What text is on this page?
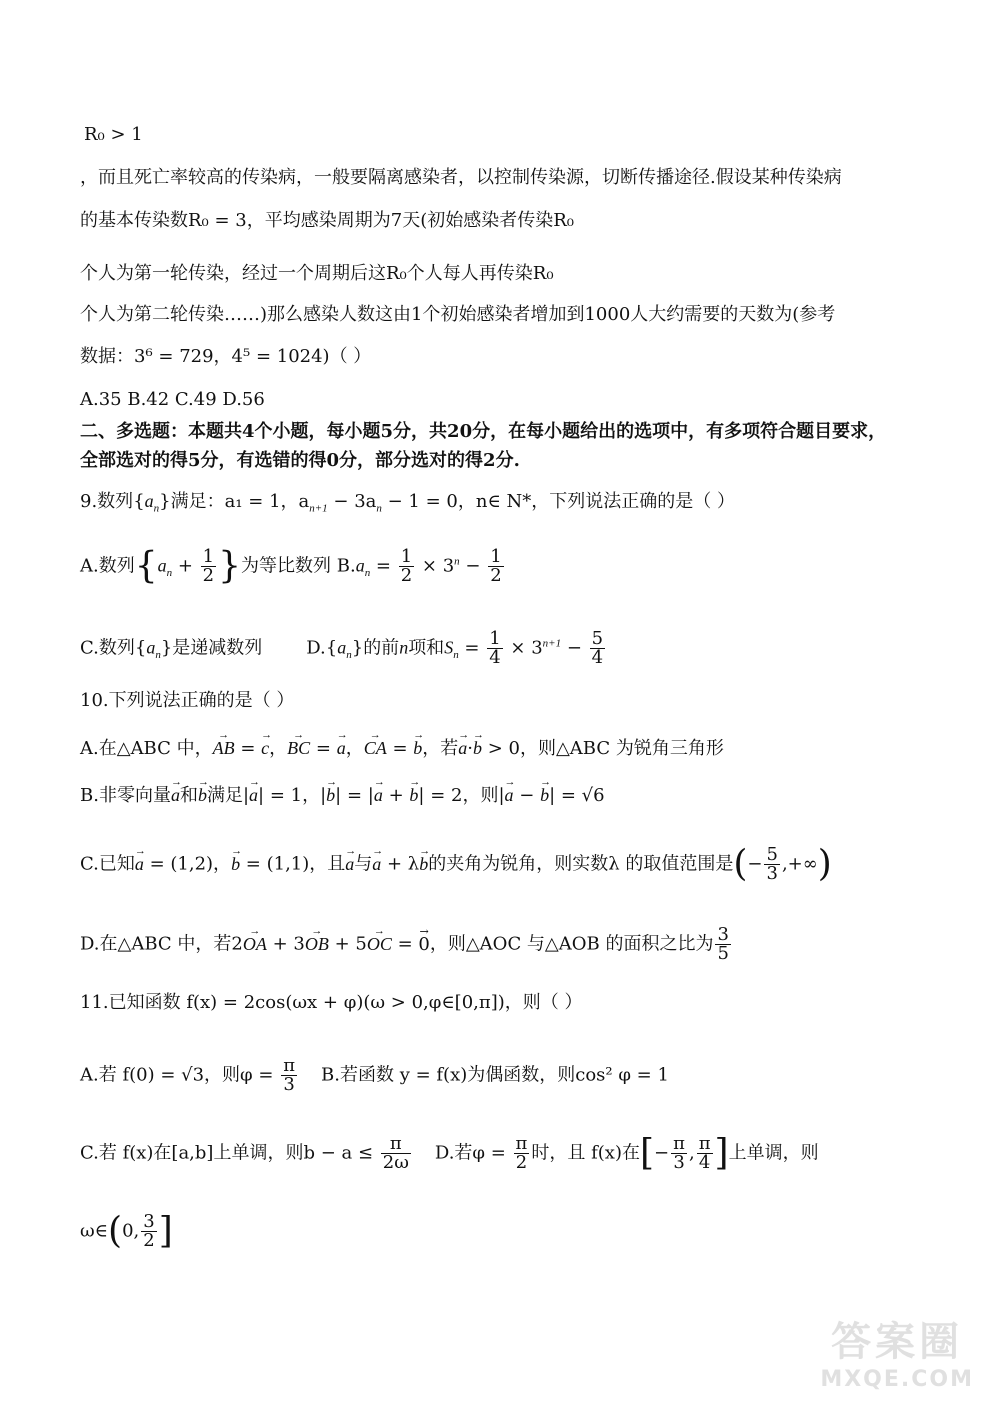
R₀ > 1
，而且死亡率较高的传染病，一般要隔离感染者，以控制传染源，切断传播途径.假设某种传染病
的基本传染数R₀ = 3，平均感染周期为7天(初始感染者传染R₀
个人为第一轮传染，经过一个周期后这R₀个人每人再传染R₀
个人为第二轮传染……)那么感染人数这由1个初始感染者增加到1000人大约需要的天数为(参考
数据：3⁶ = 729，4⁵ = 1024)（ ）
A.35 B.42 C.49 D.56
二、多选题：本题共4个小题，每小题5分，共20分，在每小题给出的选项中，有多项符合题目要求，
全部选对的得5分，有选错的得0分，部分选对的得2分.
9.数列$\{a_n\}$满足：a₁ = 1，$a_{n+1} - 3a_n - 1 = 0$，n∈ N*，下列说法正确的是（ ）
A.数列{$a_n + \frac{1}{2}$ }为等比数列 $B.a_n = \frac{1}{2} \times 3^n - \frac{1}{2}$
C.数列$\{a_n\}$是递减数列 $D.\{a_n\}$的前n项和$S_n = \frac{1}{4} \times 3^{n+1} - \frac{5}{4}$
10.下列说法正确的是（ ）
A.在△ABC 中，→ AB = → c，→ BC = → a，→ CA = → b，若→ a·→ b > 0，则△ABC 为锐角三角形
B.非零向量→ a和→ b满足|→ a| = 1，|→ b| = |→ a + → b| = 2，则|→ a − → b| = √6
C.已知→ a = (1,2)，→ b = (1,1)，且→ a与→ a + λ→ b的夹角为锐角，则实数λ 的取值范围是(− $\frac{5}{3}$ ,+∞)
D.在△ABC 中，若2→ OA + 3→ OB + 5→ OC = → 0，则△AOC 与△AOB 的面积之比为 $\frac{3}{5}$
11.已知函数 f(x) = 2cos(ωx + φ)(ω > 0,φ∈[0,π])，则（ ）
A.若 f(0) = √3，则$\varphi = \frac{\pi}{3} B$.若函数 y = f(x)为偶函数，则cos² φ = 1
C.若 f(x)在[a,b]上单调，则$b - a \le \frac{\pi}{2\omega} D$.若$\varphi = \frac{\pi}{2}$ 时，且 f(x)在[− $\frac{\pi}{3}$ , $\frac{\pi}{4}$ ]上单调，则
ω∈(0, $\frac{3}{2}$ ]
答案圈
MXQE.COM
